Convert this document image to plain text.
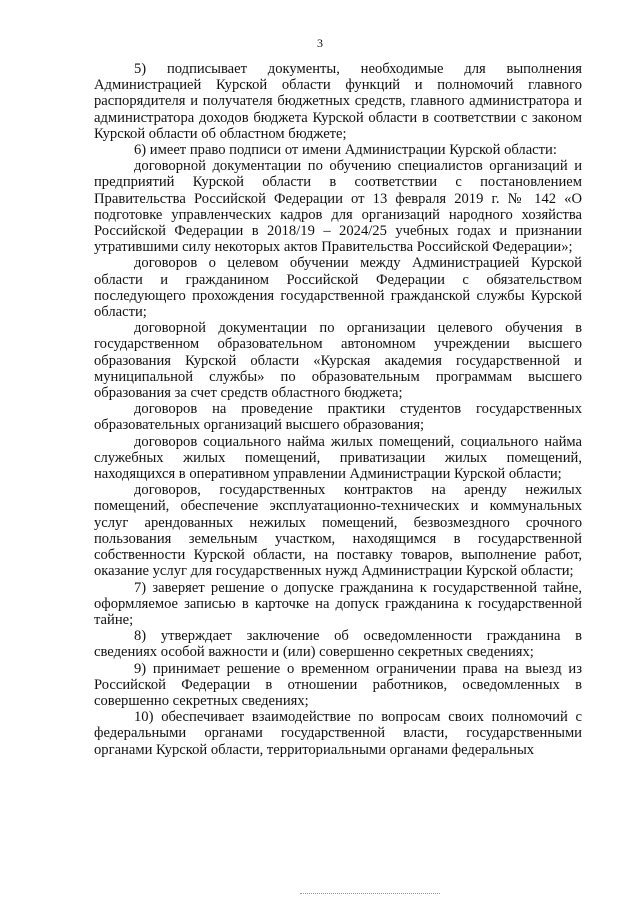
3

5) подписывает документы, необходимые для выполнения Администрацией Курской области функций и полномочий главного распорядителя и получателя бюджетных средств, главного администратора и администратора доходов бюджета Курской области в соответствии с законом Курской области об областном бюджете;

6) имеет право подписи от имени Администрации Курской области:

договорной документации по обучению специалистов организаций и предприятий Курской области в соответствии с постановлением Правительства Российской Федерации от 13 февраля 2019 г. № 142 «О подготовке управленческих кадров для организаций народного хозяйства Российской Федерации в 2018/19 – 2024/25 учебных годах и признании утратившими силу некоторых актов Правительства Российской Федерации»;

договоров о целевом обучении между Администрацией Курской области и гражданином Российской Федерации с обязательством последующего прохождения государственной гражданской службы Курской области;

договорной документации по организации целевого обучения в государственном образовательном автономном учреждении высшего образования Курской области «Курская академия государственной и муниципальной службы» по образовательным программам высшего образования за счет средств областного бюджета;

договоров на проведение практики студентов государственных образовательных организаций высшего образования;

договоров социального найма жилых помещений, социального найма служебных жилых помещений, приватизации жилых помещений, находящихся в оперативном управлении Администрации Курской области;

договоров, государственных контрактов на аренду нежилых помещений, обеспечение эксплуатационно-технических и коммунальных услуг арендованных нежилых помещений, безвозмездного срочного пользования земельным участком, находящимся в государственной собственности Курской области, на поставку товаров, выполнение работ, оказание услуг для государственных нужд Администрации Курской области;

7) заверяет решение о допуске гражданина к государственной тайне, оформляемое записью в карточке на допуск гражданина к государственной тайне;

8) утверждает заключение об осведомленности гражданина в сведениях особой важности и (или) совершенно секретных сведениях;

9) принимает решение о временном ограничении права на выезд из Российской Федерации в отношении работников, осведомленных в совершенно секретных сведениях;

10) обеспечивает взаимодействие по вопросам своих полномочий с федеральными органами государственной власти, государственными органами Курской области, территориальными органами федеральных
